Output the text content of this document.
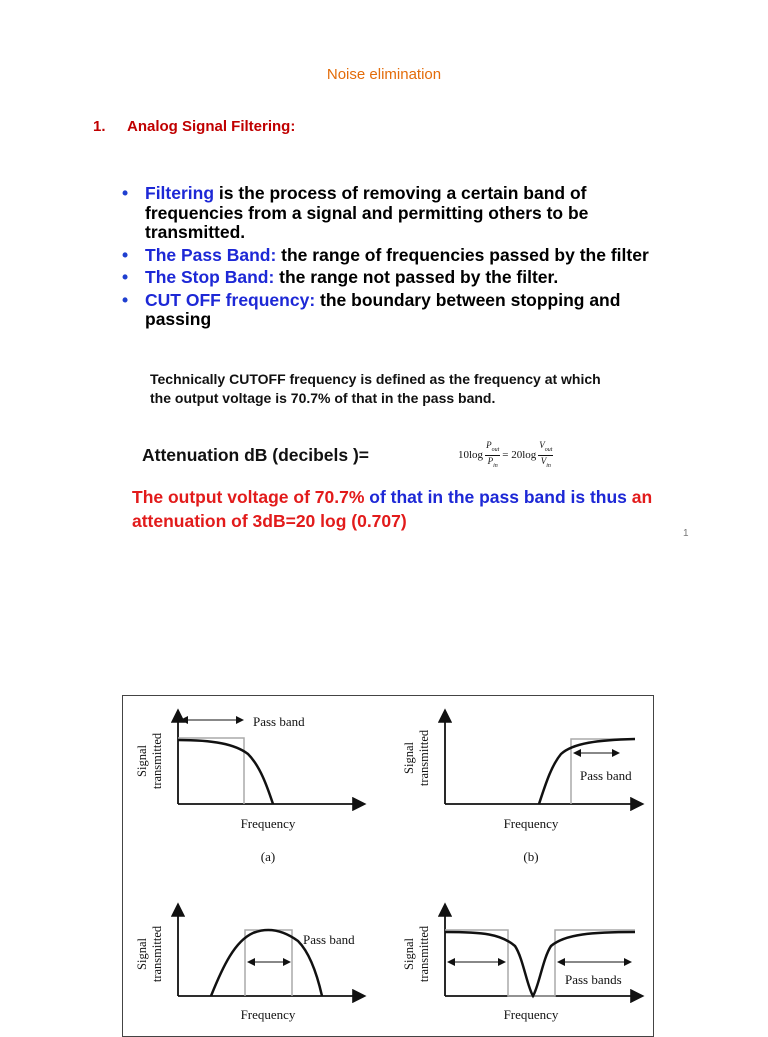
Noise elimination
1. Analog Signal Filtering:
• Filtering is the process of removing a certain band of frequencies from a signal and permitting others to be transmitted.
• The Pass Band: the range of frequencies passed by the filter
• The Stop Band: the range not passed by the filter.
• CUT OFF frequency: the boundary between stopping and passing
Technically CUTOFF frequency is defined as the frequency at which the output voltage is 70.7% of that in the pass band.
Attenuation dB (decibels )=	$10\log \frac{P_{out}}{P_{in}} = 20\log \frac{V_{out}}{V_{in}}$
The output voltage of 70.7% of that in the pass band is thus an attenuation of 3dB=20 log (0.707)
1
Pass band
Signal transmitted
Frequency
(a)
Pass band
Signal transmitted
Frequency
(b)
Pass band
Signal transmitted
Frequency
Pass bands
Signal transmitted
Frequency
